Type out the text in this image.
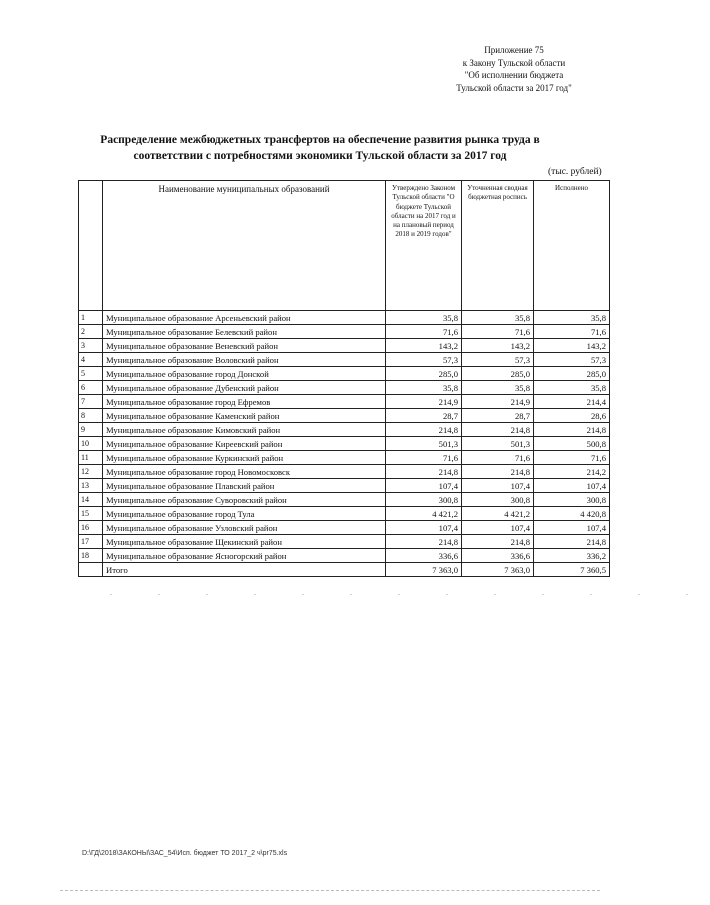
Приложение 75
к Закону Тульской области
"Об исполнении бюджета
Тульской области за 2017 год"
Распределение межбюджетных трансфертов на обеспечение развития рынка труда в
соответствии с потребностями экономики Тульской области за 2017 год
(тыс. рублей)
	Наименование муниципальных образований	Утверждено Законом Тульской области "О бюджете Тульской области на 2017 год и на плановый период 2018 и 2019 годов"	Уточненная сводная бюджетная роспись	Исполнено
1	Муниципальное образование Арсеньевский район	35,8	35,8	35,8
2	Муниципальное образование Белевский район	71,6	71,6	71,6
3	Муниципальное образование Веневский район	143,2	143,2	143,2
4	Муниципальное образование Воловский район	57,3	57,3	57,3
5	Муниципальное образование город Донской	285,0	285,0	285,0
6	Муниципальное образование Дубенский район	35,8	35,8	35,8
7	Муниципальное образование город Ефремов	214,9	214,9	214,4
8	Муниципальное образование Каменский район	28,7	28,7	28,6
9	Муниципальное образование Кимовский район	214,8	214,8	214,8
10	Муниципальное образование Киреевский район	501,3	501,3	500,8
11	Муниципальное образование Куркинский район	71,6	71,6	71,6
12	Муниципальное образование город Новомосковск	214,8	214,8	214,2
13	Муниципальное образование Плавский район	107,4	107,4	107,4
14	Муниципальное образование Суворовский район	300,8	300,8	300,8
15	Муниципальное образование город Тула	4 421,2	4 421,2	4 420,8
16	Муниципальное образование Узловский район	107,4	107,4	107,4
17	Муниципальное образование Щекинский район	214,8	214,8	214,8
18	Муниципальное образование Ясногорский район	336,6	336,6	336,2
	Итого	7 363,0	7 363,0	7 360,5
. . . . . . . . . . . . .
D:\ГД\2018\ЗАКОНЫ\ЗАС_54\Исп. бюджет ТО 2017_2 ч\pr75.xls
